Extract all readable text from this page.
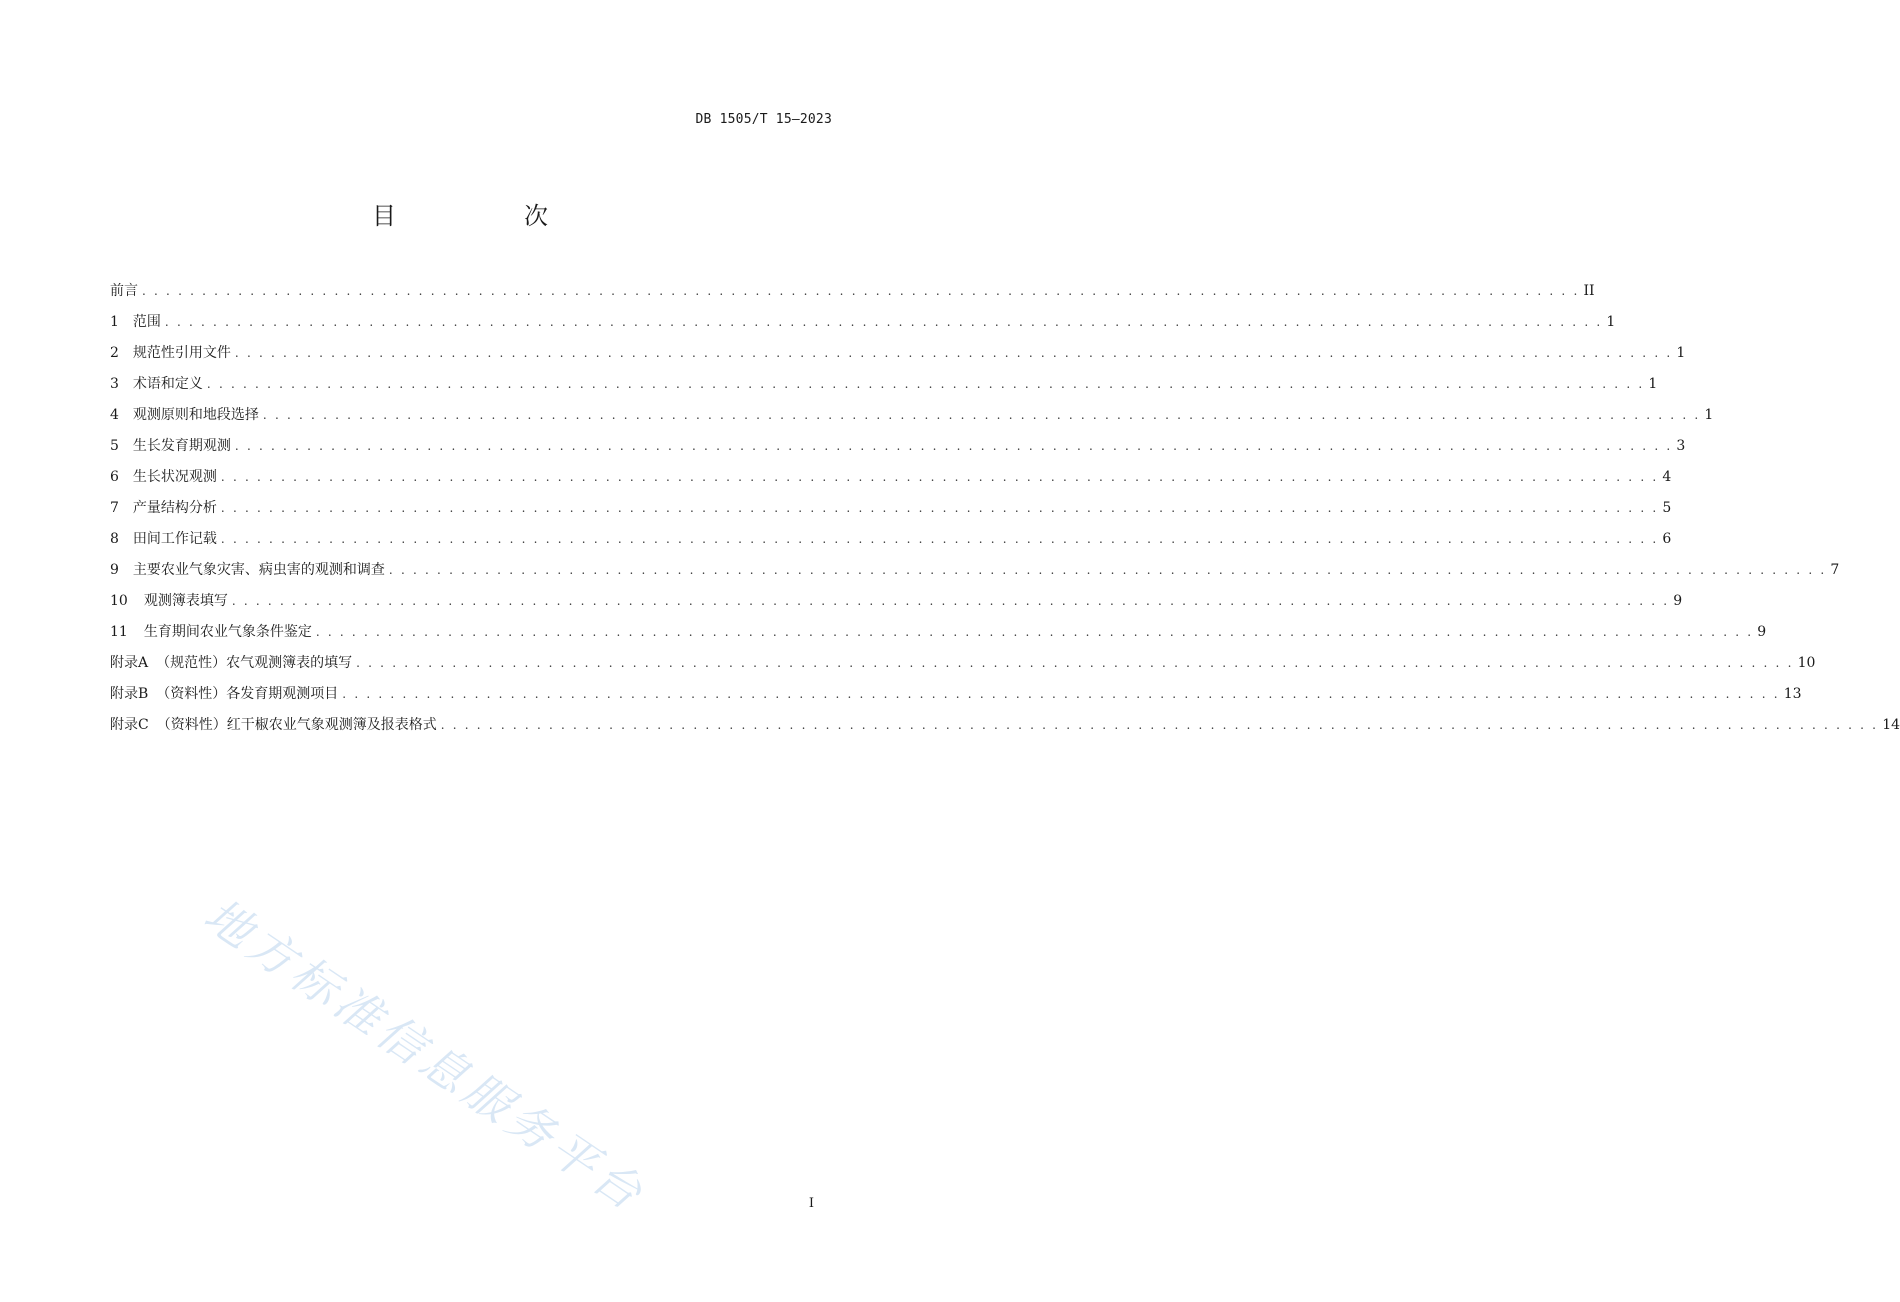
DB 1505/T 15—2023
目　次
前言 . . . . . . . . . . . . . . . . . . . . . . . . . . . . . . . . . . . . . . . . . . . . . . . . . . . . . . . . . . . . . . . . . . . . . . . . . . . . . . . . . . . . . . . . . . . . . . . . . . . . . . . . . . . . . . . . . . . . . . . . II
1 范围 . . . . . . . . . . . . . . . . . . . . . . . . . . . . . . . . . . . . . . . . . . . . . . . . . . . . . . . . . . . . . . . . . . . . . . . . . . . . . . . . . . . . . . . . . . . . . . . . . . . . . . . . . . . . . . . . . . . . . . . . 1
2 规范性引用文件 . . . . . . . . . . . . . . . . . . . . . . . . . . . . . . . . . . . . . . . . . . . . . . . . . . . . . . . . . . . . . . . . . . . . . . . . . . . . . . . . . . . . . . . . . . . . . . . . . . . . . . . . . . . . . . . . . . . . . . . . 1
3 术语和定义 . . . . . . . . . . . . . . . . . . . . . . . . . . . . . . . . . . . . . . . . . . . . . . . . . . . . . . . . . . . . . . . . . . . . . . . . . . . . . . . . . . . . . . . . . . . . . . . . . . . . . . . . . . . . . . . . . . . . . . . . 1
4 观测原则和地段选择 . . . . . . . . . . . . . . . . . . . . . . . . . . . . . . . . . . . . . . . . . . . . . . . . . . . . . . . . . . . . . . . . . . . . . . . . . . . . . . . . . . . . . . . . . . . . . . . . . . . . . . . . . . . . . . . . . . . . . . . . 1
5 生长发育期观测 . . . . . . . . . . . . . . . . . . . . . . . . . . . . . . . . . . . . . . . . . . . . . . . . . . . . . . . . . . . . . . . . . . . . . . . . . . . . . . . . . . . . . . . . . . . . . . . . . . . . . . . . . . . . . . . . . . . . . . . . 3
6 生长状况观测 . . . . . . . . . . . . . . . . . . . . . . . . . . . . . . . . . . . . . . . . . . . . . . . . . . . . . . . . . . . . . . . . . . . . . . . . . . . . . . . . . . . . . . . . . . . . . . . . . . . . . . . . . . . . . . . . . . . . . . . . 4
7 产量结构分析 . . . . . . . . . . . . . . . . . . . . . . . . . . . . . . . . . . . . . . . . . . . . . . . . . . . . . . . . . . . . . . . . . . . . . . . . . . . . . . . . . . . . . . . . . . . . . . . . . . . . . . . . . . . . . . . . . . . . . . . . 5
8 田间工作记载 . . . . . . . . . . . . . . . . . . . . . . . . . . . . . . . . . . . . . . . . . . . . . . . . . . . . . . . . . . . . . . . . . . . . . . . . . . . . . . . . . . . . . . . . . . . . . . . . . . . . . . . . . . . . . . . . . . . . . . . . 6
9 主要农业气象灾害、病虫害的观测和调查 . . . . . . . . . . . . . . . . . . . . . . . . . . . . . . . . . . . . . . . . . . . . . . . . . . . . . . . . . . . . . . . . . . . . . . . . . . . . . . . . . . . . . . . . . . . . . . . . . . . . . . . . . . . . . . . . . . . . . . . . 7
10 观测簿表填写 . . . . . . . . . . . . . . . . . . . . . . . . . . . . . . . . . . . . . . . . . . . . . . . . . . . . . . . . . . . . . . . . . . . . . . . . . . . . . . . . . . . . . . . . . . . . . . . . . . . . . . . . . . . . . . . . . . . . . . . . 9
11 生育期间农业气象条件鉴定 . . . . . . . . . . . . . . . . . . . . . . . . . . . . . . . . . . . . . . . . . . . . . . . . . . . . . . . . . . . . . . . . . . . . . . . . . . . . . . . . . . . . . . . . . . . . . . . . . . . . . . . . . . . . . . . . . . . . . . . . 9
附录A （规范性）农气观测簿表的填写 . . . . . . . . . . . . . . . . . . . . . . . . . . . . . . . . . . . . . . . . . . . . . . . . . . . . . . . . . . . . . . . . . . . . . . . . . . . . . . . . . . . . . . . . . . . . . . . . . . . . . . . . . . . . . . . . . . . . . . . . 10
附录B （资料性）各发育期观测项目 . . . . . . . . . . . . . . . . . . . . . . . . . . . . . . . . . . . . . . . . . . . . . . . . . . . . . . . . . . . . . . . . . . . . . . . . . . . . . . . . . . . . . . . . . . . . . . . . . . . . . . . . . . . . . . . . . . . . . . . . 13
附录C （资料性）红干椒农业气象观测簿及报表格式 . . . . . . . . . . . . . . . . . . . . . . . . . . . . . . . . . . . . . . . . . . . . . . . . . . . . . . . . . . . . . . . . . . . . . . . . . . . . . . . . . . . . . . . . . . . . . . . . . . . . . . . . . . . . . . . . . . . . . . . . 14
地方标准信息服务平台	I
